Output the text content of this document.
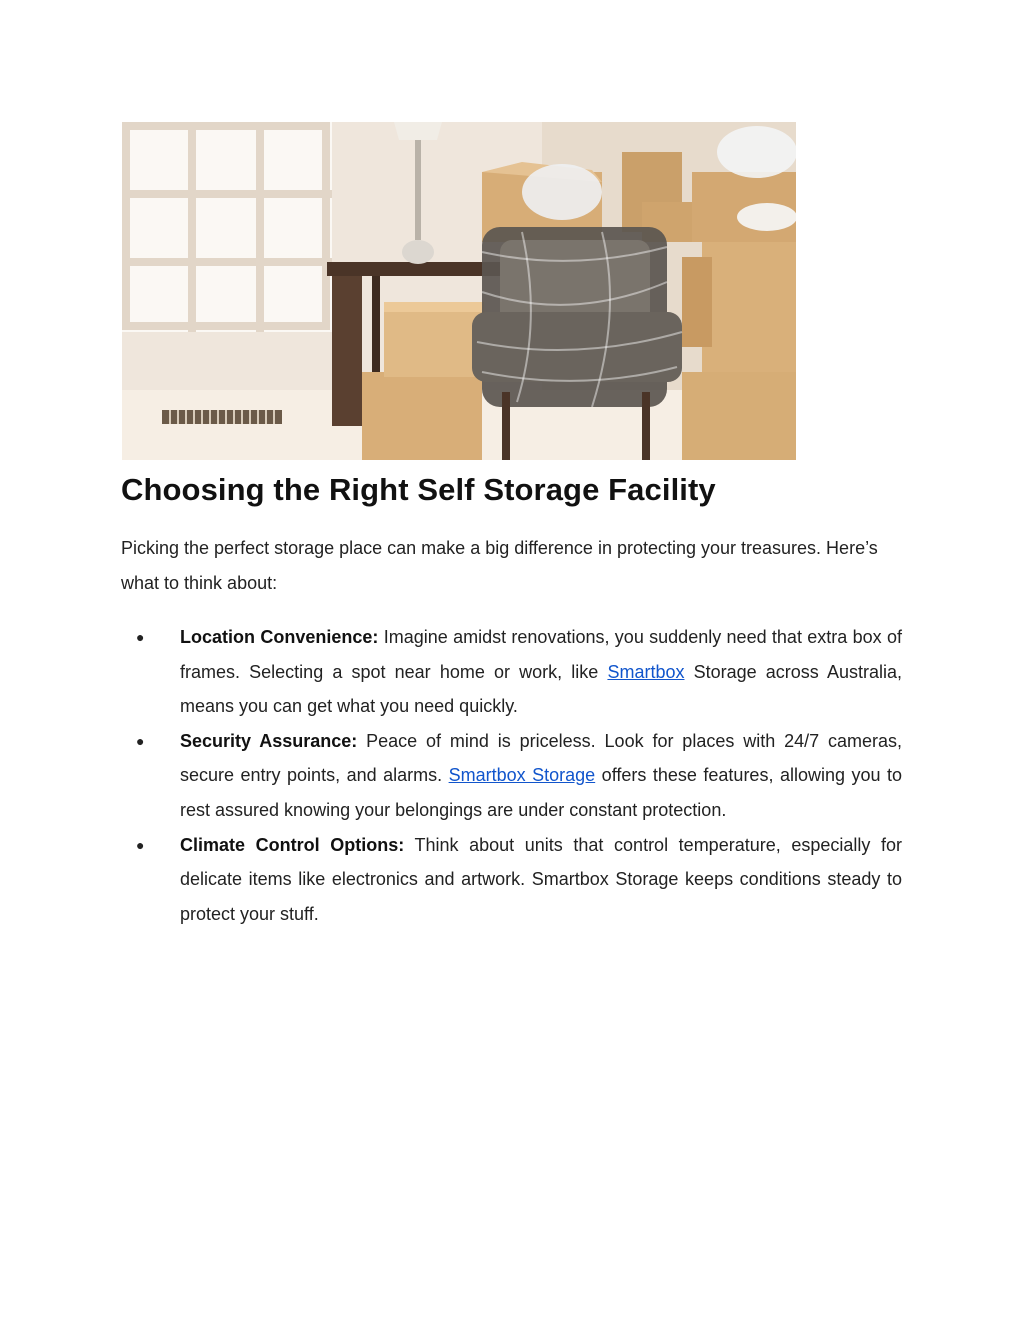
Choosing the Right Self Storage Facility

Picking the perfect storage place can make a big difference in protecting your treasures. Here’s what to think about:

● Location Convenience: Imagine amidst renovations, you suddenly need that extra box of frames. Selecting a spot near home or work, like Smartbox Storage across Australia, means you can get what you need quickly.
● Security Assurance: Peace of mind is priceless. Look for places with 24/7 cameras, secure entry points, and alarms. Smartbox Storage offers these features, allowing you to rest assured knowing your belongings are under constant protection.
● Climate Control Options: Think about units that control temperature, especially for delicate items like electronics and artwork. Smartbox Storage keeps conditions steady to protect your stuff.
